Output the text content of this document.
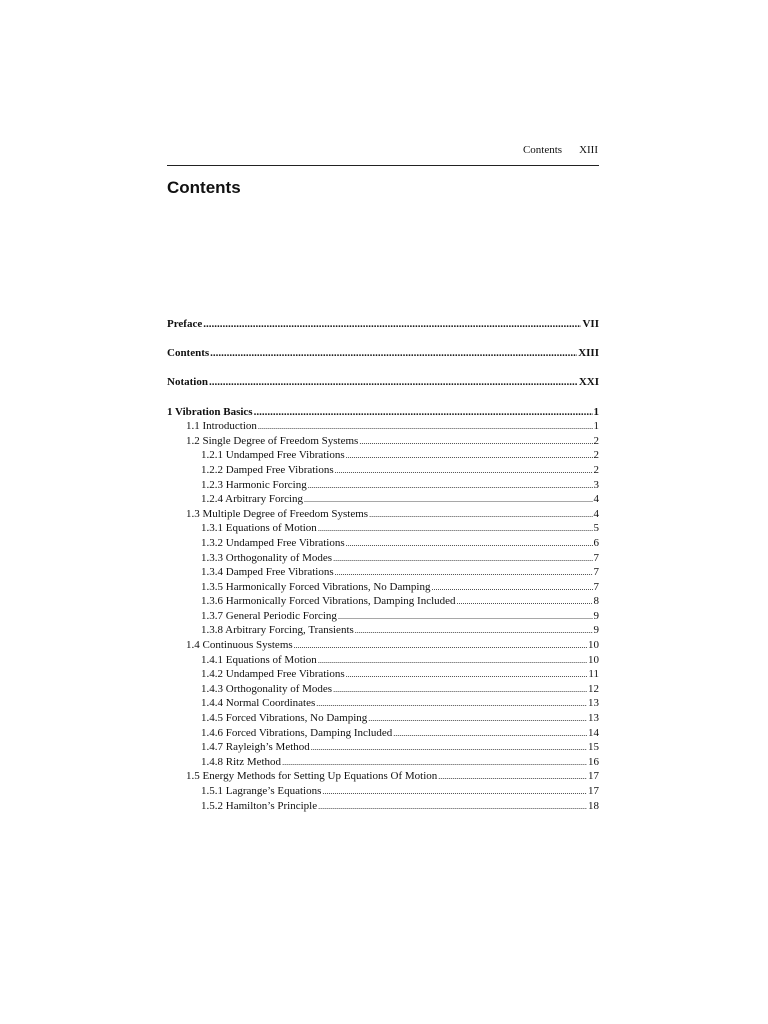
Contents XIII
Contents
Preface .....	VII
Contents .....	XIII
Notation .....	XXI
1 Vibration Basics .....	1
1.1 Introduction .....	1
1.2 Single Degree of Freedom Systems .....	2
1.2.1 Undamped Free Vibrations .....	2
1.2.2 Damped Free Vibrations .....	2
1.2.3 Harmonic Forcing .....	3
1.2.4 Arbitrary Forcing .....	4
1.3 Multiple Degree of Freedom Systems .....	4
1.3.1 Equations of Motion .....	5
1.3.2 Undamped Free Vibrations .....	6
1.3.3 Orthogonality of Modes .....	7
1.3.4 Damped Free Vibrations .....	7
1.3.5 Harmonically Forced Vibrations, No Damping .....	7
1.3.6 Harmonically Forced Vibrations, Damping Included .....	8
1.3.7 General Periodic Forcing .....	9
1.3.8 Arbitrary Forcing, Transients .....	9
1.4 Continuous Systems .....	10
1.4.1 Equations of Motion .....	10
1.4.2 Undamped Free Vibrations .....	11
1.4.3 Orthogonality of Modes .....	12
1.4.4 Normal Coordinates .....	13
1.4.5 Forced Vibrations, No Damping .....	13
1.4.6 Forced Vibrations, Damping Included .....	14
1.4.7 Rayleigh’s Method .....	15
1.4.8 Ritz Method .....	16
1.5 Energy Methods for Setting Up Equations Of Motion .....	17
1.5.1 Lagrange’s Equations .....	17
1.5.2 Hamilton’s Principle .....	18
